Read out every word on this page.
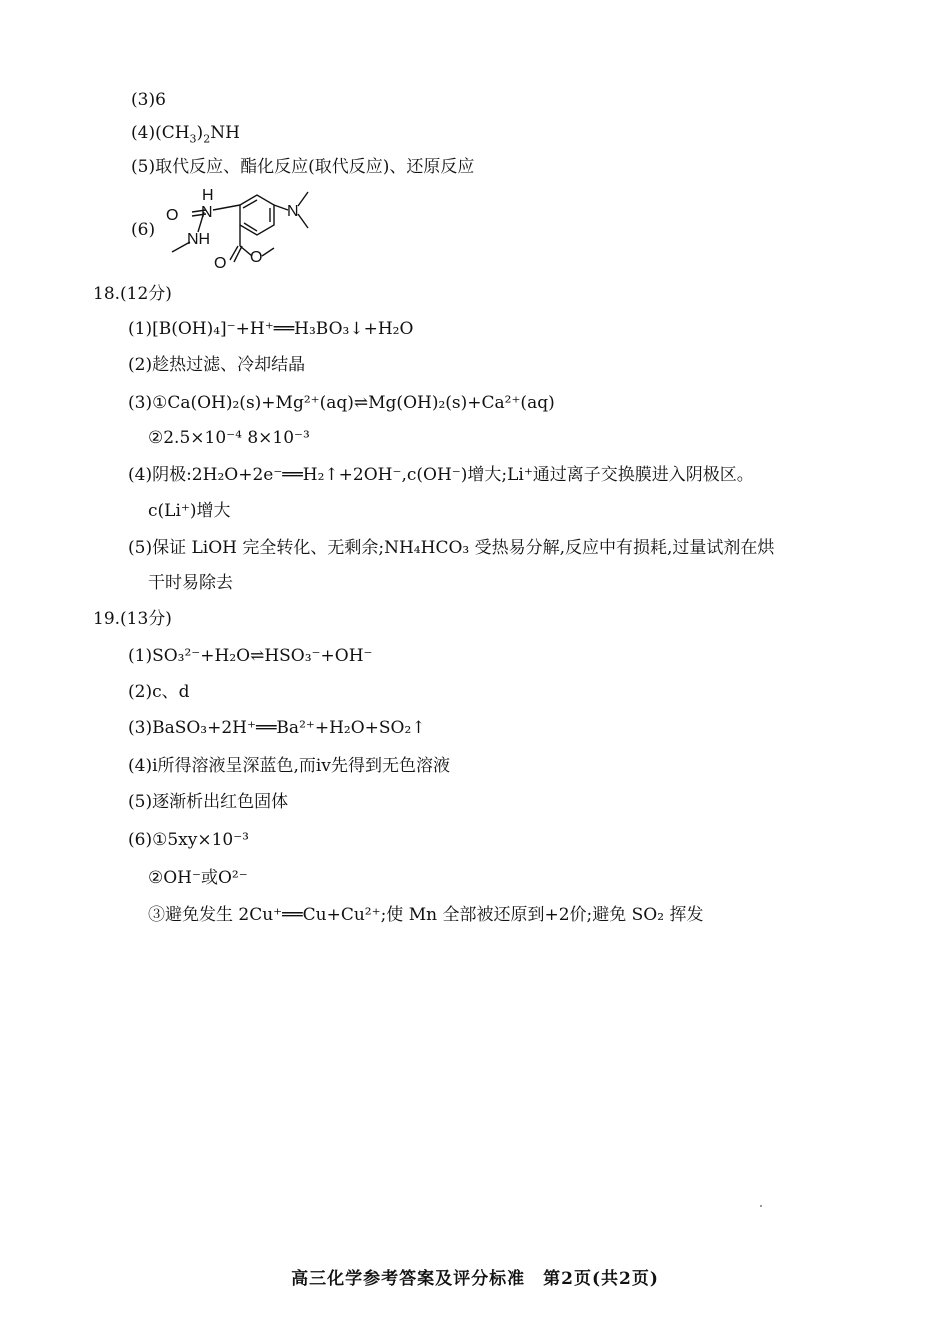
(3)6
$(4)(CH_3)_2NH$
(5)取代反应、酯化反应(取代反应)、还原反应
(6)
H
N
O
NH
N
O O
18.(12分)
(1)[B(OH)₄]⁻+H⁺══H₃BO₃↓+H₂O
(2)趁热过滤、冷却结晶
(3)①Ca(OH)₂(s)+Mg²⁺(aq)⇌Mg(OH)₂(s)+Ca²⁺(aq)
②2.5×10⁻⁴ 8×10⁻³
(4)阴极:2H₂O+2e⁻══H₂↑+2OH⁻,c(OH⁻)增大;Li⁺通过离子交换膜进入阴极区。
c(Li⁺)增大
(5)保证 LiOH 完全转化、无剩余;NH₄HCO₃ 受热易分解,反应中有损耗,过量试剂在烘
干时易除去
19.(13分)
(1)SO₃²⁻+H₂O⇌HSO₃⁻+OH⁻
(2)c、d
(3)BaSO₃+2H⁺══Ba²⁺+H₂O+SO₂↑
(4)ⅰ所得溶液呈深蓝色,而ⅳ先得到无色溶液
(5)逐渐析出红色固体
(6)①5xy×10⁻³
②OH⁻或O²⁻
③避免发生 2Cu⁺══Cu+Cu²⁺;使 Mn 全部被还原到+2价;避免 SO₂ 挥发
高三化学参考答案及评分标准　第2页(共2页)
